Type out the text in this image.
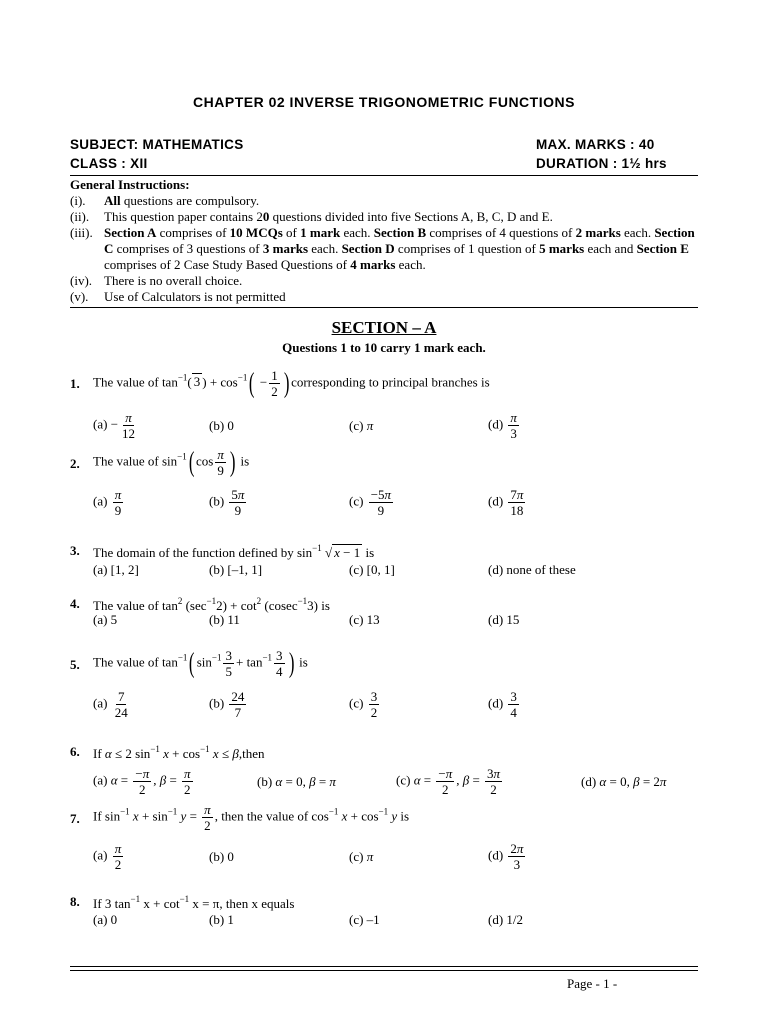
CHAPTER 02 INVERSE TRIGONOMETRIC FUNCTIONS
SUBJECT: MATHEMATICS	MAX. MARKS : 40
CLASS : XII	DURATION : 1½ hrs
General Instructions:
(i).	All questions are compulsory.
(ii).	This question paper contains 20 questions divided into five Sections A, B, C, D and E.
(iii). Section A comprises of 10 MCQs of 1 mark each. Section B comprises of 4 questions of 2 marks each. Section C comprises of 3 questions of 3 marks each. Section D comprises of 1 question of 5 marks each and Section E comprises of 2 Case Study Based Questions of 4 marks each.
(iv). There is no overall choice.
(v).	Use of Calculators is not permitted
SECTION – A
Questions 1 to 10 carry 1 mark each.
1. The value of $\tan^{-1}$( 3 ) + $\cos^{-1}( - \frac{1}{2}$ ) corresponding to principal branches is
$(a) - \frac{\pi}{12}$	(b) 0	(c) π	$(d) \frac{\pi}{3}$
2. The value of $\sin^{-1}$( $\cos \frac{\pi}{9}$ ) is
$(a) \frac{\pi}{9}$	$(b) \frac{5\pi}{9}$	$(c) \frac{-5\pi}{9}$	$(d) \frac{7\pi}{18}$
3. The domain of the function defined by $\sin^{-1}$ √ x − 1 is
(a) [1, 2]	(b) [–1, 1]	(c) [0, 1]	(d) none of these
4. The value of $\tan^2 (\sec^{-1}2) + \cot^2 (cosec^{-1}3)$ is
(a) 5	(b) 11	(c) 13	(d) 15
5. The value of $\tan^{-1}$( $\sin^{-1} \frac{3}{5} + \tan^{-1} \frac{3}{4}$ ) is
$(a) \frac{7}{24}$	$(b) \frac{24}{7}$	$(c) \frac{3}{2}$	$(d) \frac{3}{4}$
6. If α ≤ 2 $\sin^{-1} x + \cos^{-1} x$ ≤ β,then
(a) $\alpha = \frac{-\pi}{2}$ , $\beta = \frac{\pi}{2}$	(b) α = 0, β = π	(c) $\alpha = \frac{-\pi}{2}$ , $\beta = \frac{3\pi}{2}$	(d) α = 0, β = 2π
7. If $\sin^{-1} x + \sin^{-1} y = \frac{\pi}{2}$ , then the value of $\cos^{-1} x + \cos^{-1} y$ is
$(a) \frac{\pi}{2}$	(b) 0	(c) π	$(d) \frac{2\pi}{3}$
8. If 3 $\tan^{-1} x + \cot^{-1} x = \pi$, then x equals
(a) 0	(b) 1	(c) –1	(d) 1/2
Page - 1 -
